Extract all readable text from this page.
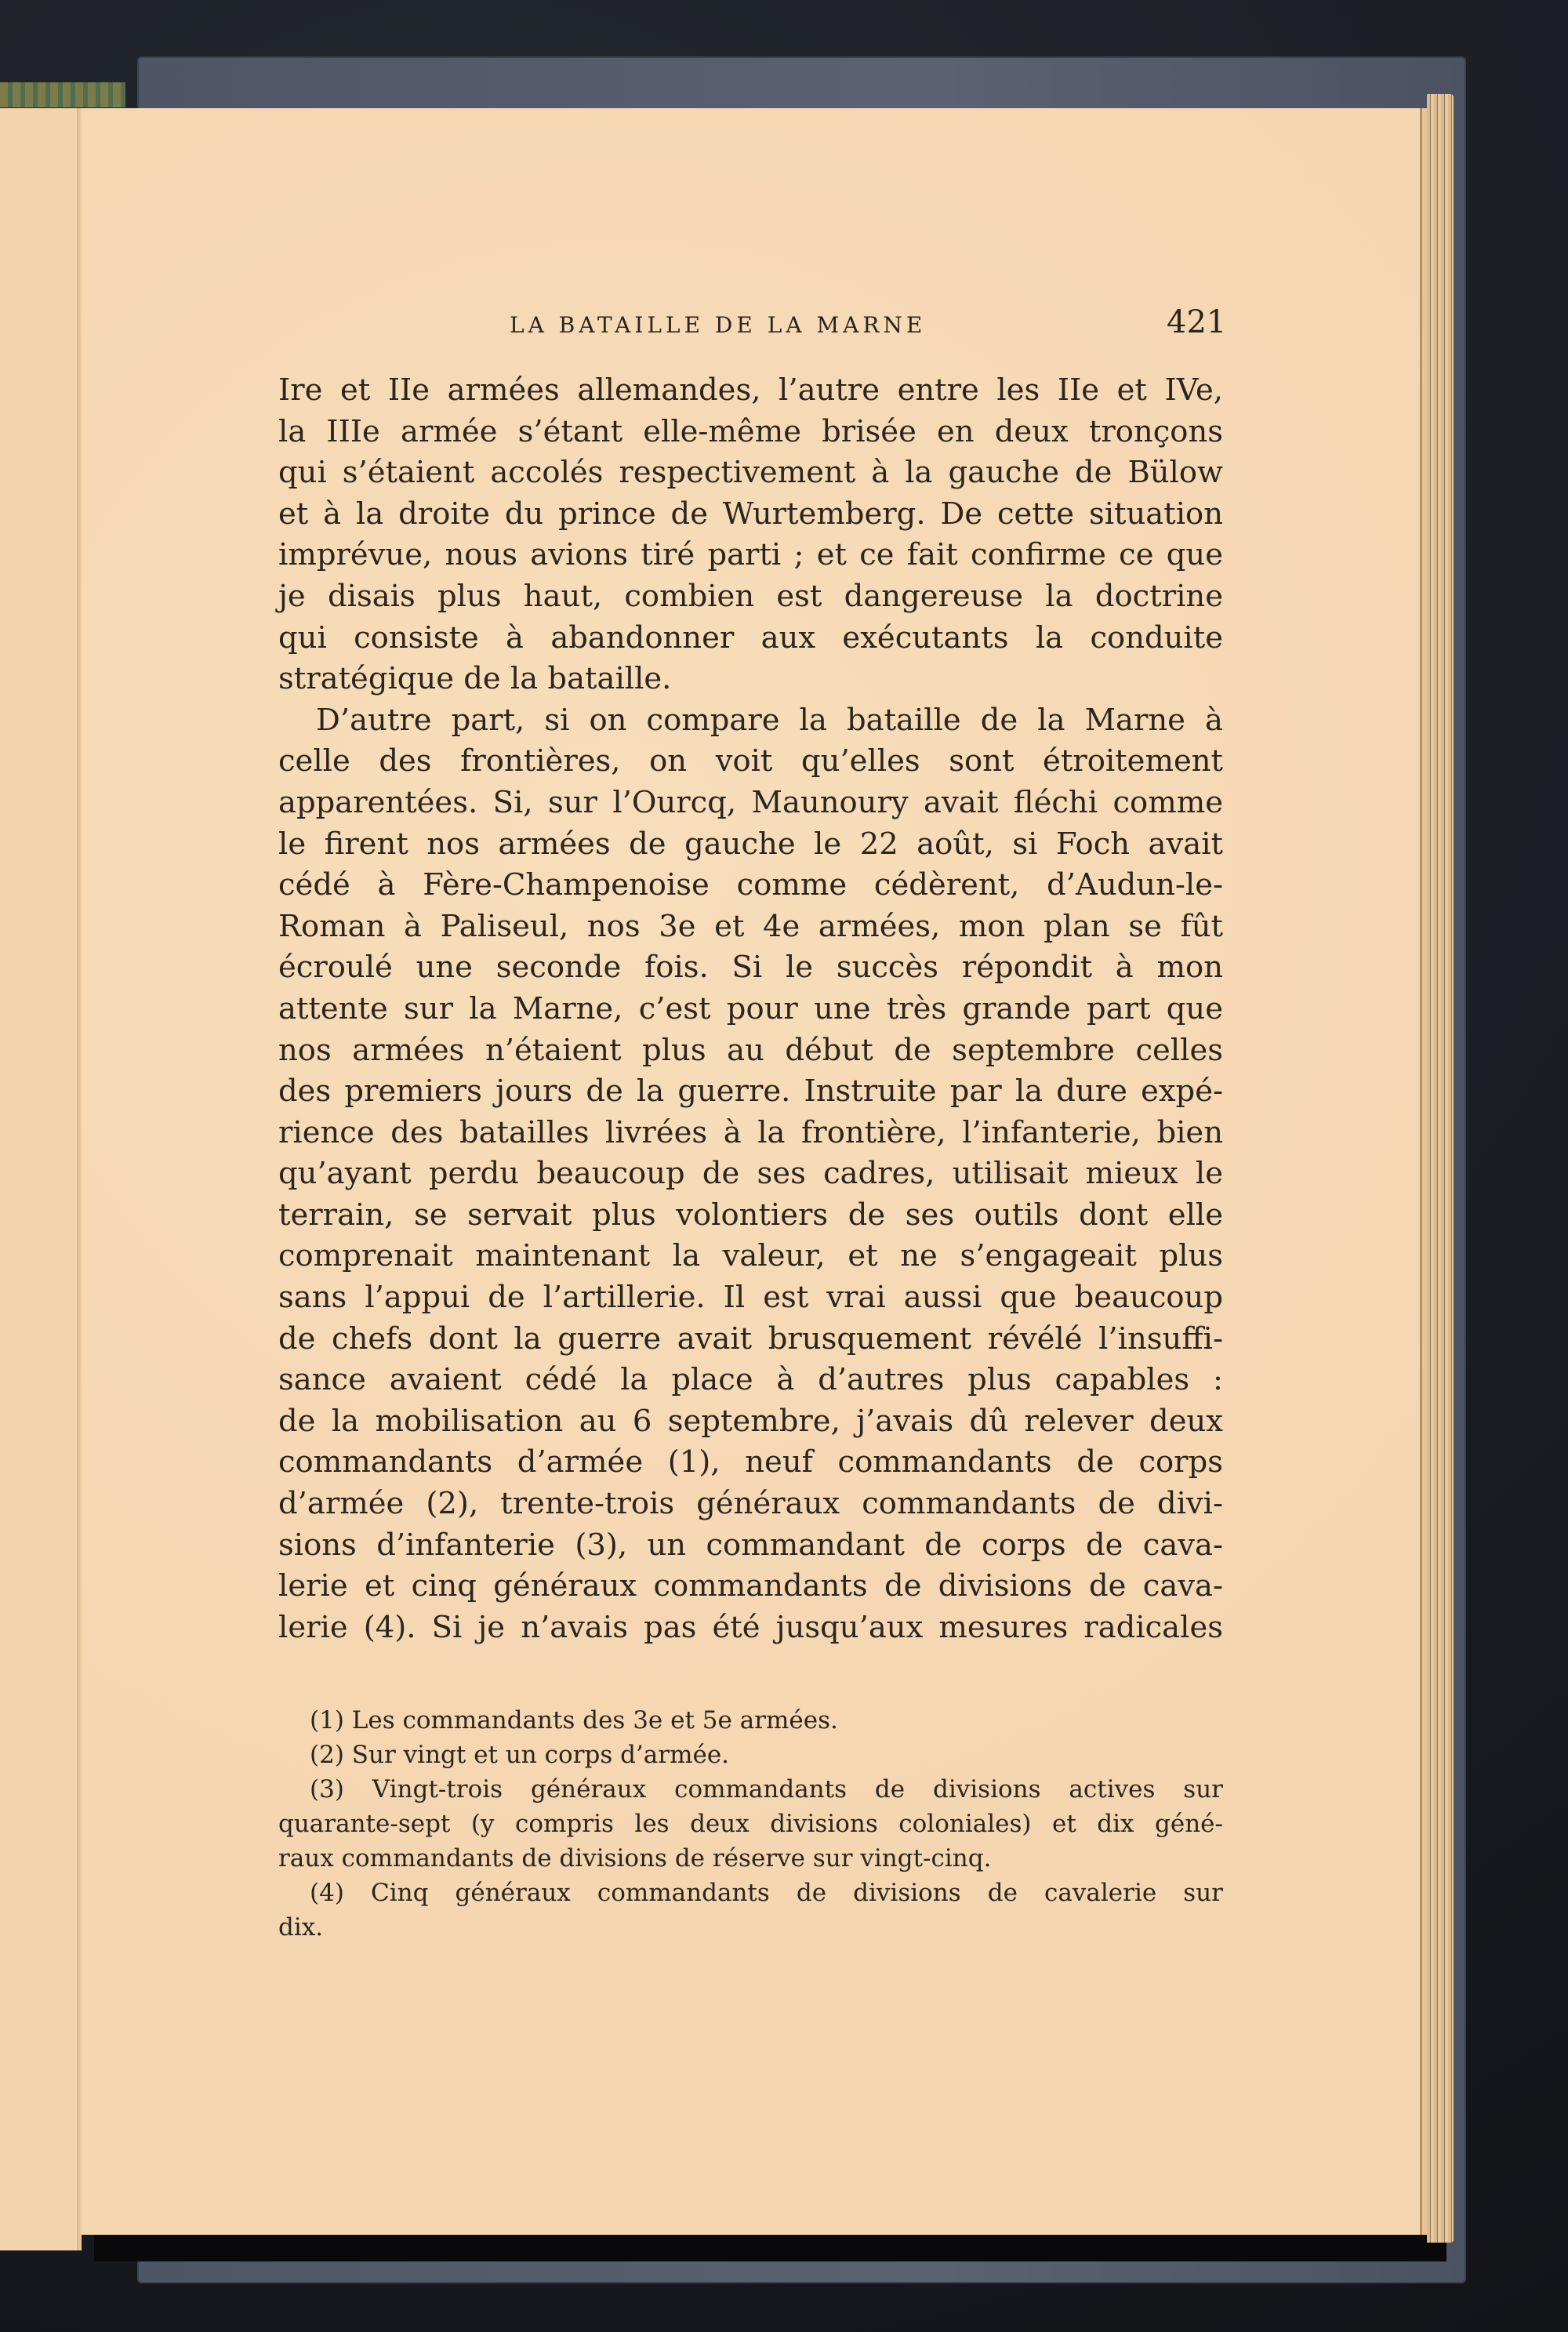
LA BATAILLE DE LA MARNE	421
Ire et IIe armées allemandes, l’autre entre les IIe et IVe,
la IIIe armée s’étant elle-même brisée en deux tronçons
qui s’étaient accolés respectivement à la gauche de Bülow
et à la droite du prince de Wurtemberg. De cette situation
imprévue, nous avions tiré parti ; et ce fait confirme ce que
je disais plus haut, combien est dangereuse la doctrine
qui consiste à abandonner aux exécutants la conduite
stratégique de la bataille.
D’autre part, si on compare la bataille de la Marne à
celle des frontières, on voit qu’elles sont étroitement
apparentées. Si, sur l’Ourcq, Maunoury avait fléchi comme
le firent nos armées de gauche le 22 août, si Foch avait
cédé à Fère-Champenoise comme cédèrent, d’Audun-le-
Roman à Paliseul, nos 3e et 4e armées, mon plan se fût
écroulé une seconde fois. Si le succès répondit à mon
attente sur la Marne, c’est pour une très grande part que
nos armées n’étaient plus au début de septembre celles
des premiers jours de la guerre. Instruite par la dure expé-
rience des batailles livrées à la frontière, l’infanterie, bien
qu’ayant perdu beaucoup de ses cadres, utilisait mieux le
terrain, se servait plus volontiers de ses outils dont elle
comprenait maintenant la valeur, et ne s’engageait plus
sans l’appui de l’artillerie. Il est vrai aussi que beaucoup
de chefs dont la guerre avait brusquement révélé l’insuffi-
sance avaient cédé la place à d’autres plus capables :
de la mobilisation au 6 septembre, j’avais dû relever deux
commandants d’armée (1), neuf commandants de corps
d’armée (2), trente-trois généraux commandants de divi-
sions d’infanterie (3), un commandant de corps de cava-
lerie et cinq généraux commandants de divisions de cava-
lerie (4). Si je n’avais pas été jusqu’aux mesures radicales
(1) Les commandants des 3e et 5e armées.
(2) Sur vingt et un corps d’armée.
(3) Vingt-trois généraux commandants de divisions actives sur
quarante-sept (y compris les deux divisions coloniales) et dix géné-
raux commandants de divisions de réserve sur vingt-cinq.
(4) Cinq généraux commandants de divisions de cavalerie sur
dix.
